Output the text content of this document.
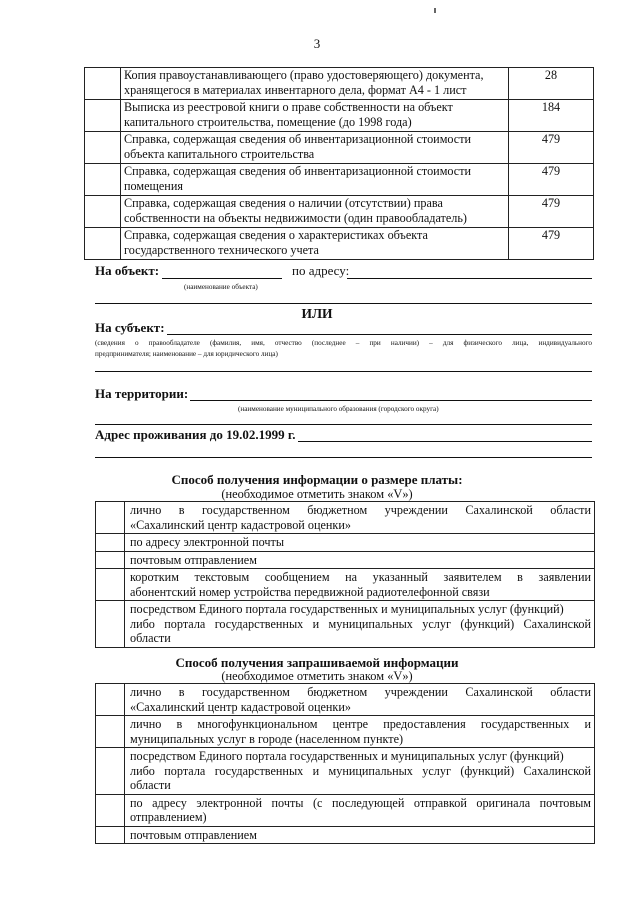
3
	Копия правоустанавливающего (право удостоверяющего) документа, хранящегося в материалах инвентарного дела, формат А4 - 1 лист	28
	Выписка из реестровой книги о праве собственности на объект капитального строительства, помещение (до 1998 года)	184
	Справка, содержащая сведения об инвентаризационной стоимости объекта капитального строительства	479
	Справка, содержащая сведения об инвентаризационной стоимости помещения	479
	Справка, содержащая сведения о наличии (отсутствии) права собственности на объекты недвижимости (один правообладатель)	479
	Справка, содержащая сведения о характеристиках объекта государственного технического учета	479
На объект:	по адресу:
(наименование объекта)
ИЛИ
На субъект:
(сведения о правообладателе (фамилия, имя, отчество (последнее – при наличии) – для физического лица, индивидуального
предпринимателя; наименование – для юридического лица)
На территории:
(наименование муниципального образования (городского округа)
Адрес проживания до 19.02.1999 г.
Способ получения информации о размере платы:
(необходимое отметить знаком «V»)

	лично в государственном бюджетном учреждении Сахалинской области
«Сахалинский центр кадастровой оценки»

	по адресу электронной почты

	почтовым отправлением

	коротким текстовым сообщением на указанный заявителем в заявлении
абонентский номер устройства передвижной радиотелефонной связи

	посредством Единого портала государственных и муниципальных услуг (функций)
либо портала государственных и муниципальных услуг (функций) Сахалинской
области
Способ получения запрашиваемой информации
(необходимое отметить знаком «V»)

	лично в государственном бюджетном учреждении Сахалинской области
«Сахалинский центр кадастровой оценки»

	лично в многофункциональном центре предоставления государственных и
муниципальных услуг в городе (населенном пункте)

	посредством Единого портала государственных и муниципальных услуг (функций)
либо портала государственных и муниципальных услуг (функций) Сахалинской
области

	по адресу электронной почты (с последующей отправкой оригинала почтовым
отправлением)

	почтовым отправлением
